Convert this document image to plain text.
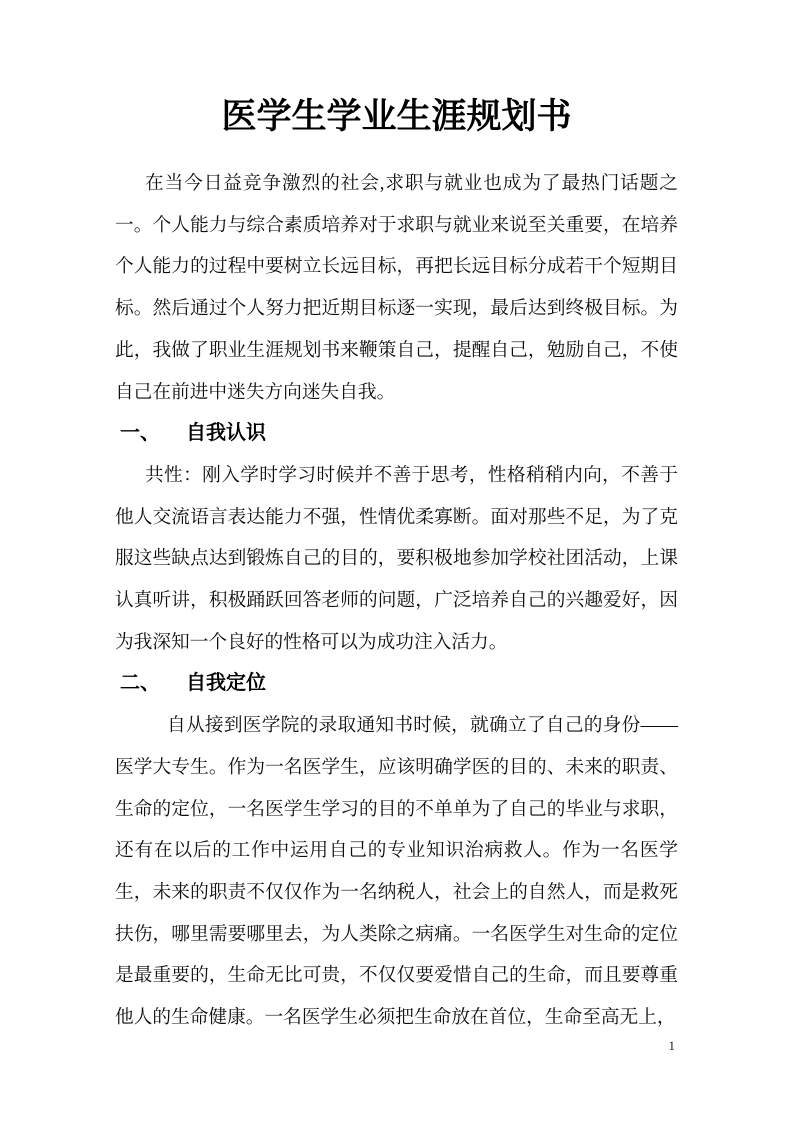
医学生学业生涯规划书

在当今日益竞争激烈的社会,求职与就业也成为了最热门话题之一。个人能力与综合素质培养对于求职与就业来说至关重要，在培养个人能力的过程中要树立长远目标，再把长远目标分成若干个短期目标。然后通过个人努力把近期目标逐一实现，最后达到终极目标。为此，我做了职业生涯规划书来鞭策自己，提醒自己，勉励自己，不使自己在前进中迷失方向迷失自我。

一、 自我认识

共性：刚入学时学习时候并不善于思考，性格稍稍内向，不善于他人交流语言表达能力不强，性情优柔寡断。面对那些不足，为了克服这些缺点达到锻炼自己的目的，要积极地参加学校社团活动，上课认真听讲，积极踊跃回答老师的问题，广泛培养自己的兴趣爱好，因为我深知一个良好的性格可以为成功注入活力。

二、 自我定位

自从接到医学院的录取通知书时候，就确立了自己的身份——医学大专生。作为一名医学生，应该明确学医的目的、未来的职责、生命的定位，一名医学生学习的目的不单单为了自己的毕业与求职，还有在以后的工作中运用自己的专业知识治病救人。作为一名医学生，未来的职责不仅仅作为一名纳税人，社会上的自然人，而是救死扶伤，哪里需要哪里去，为人类除之病痛。一名医学生对生命的定位是最重要的，生命无比可贵，不仅仅要爱惜自己的生命，而且要尊重他人的生命健康。一名医学生必须把生命放在首位，生命至高无上，

1
